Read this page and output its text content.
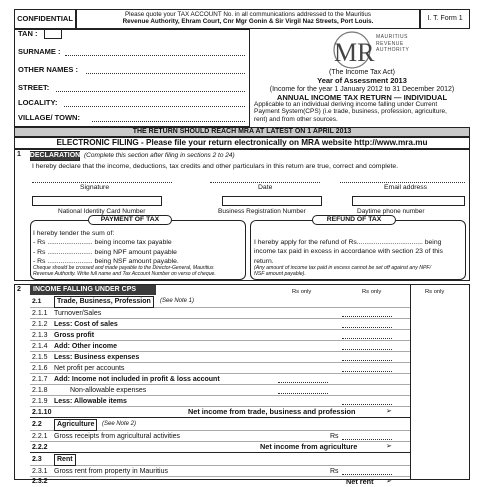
CONFIDENTIAL	Please quote your TAX ACCOUNT No. in all communications addressed to the Mauritius
Revenue Authority, Ehram Court, Cnr Mgr Gonin & Sir Virgil Naz Streets, Port Louis.	I. T. Form 1
TAN :
SURNAME :
OTHER NAMES :
STREET:
LOCALITY:
VILLAGE/ TOWN:
MR
MAURITIUS
REVENUE
AUTHORITY
(The Income Tax Act)
Year of Assessment 2013
(Income for the year 1 January 2012 to 31 December 2012)
ANNUAL INCOME TAX RETURN — INDIVIDUAL
Applicable to an individual deriving income falling under Current
Payment System(CPS) (i.e trade, business, profession, agriculture,
rent) and from other sources.
THE RETURN SHOULD REACH MRA AT LATEST ON 1 APRIL 2013
ELECTRONIC FILING - Please file your return electronically on MRA website http://www.mra.mu
1 DECLARATION (Complete this section after filing in sections 2 to 24)
I hereby declare that the income, deductions, tax credits and other particulars in this return are true, correct and complete.
Signature	Date	Email address
National Identity Card Number	Business Registration Number	Daytime phone number
PAYMENT OF TAX
I hereby tender the sum of:
- Rs ........................ being income tax payable
- Rs ........................ being NPF amount payable
- Rs ........................ being NSF amount payable.
Cheque should be crossed and made payable to the Director-General, Mauritius
Revenue Authority. Write full name and Tax Account Number on verso of cheque.
REFUND OF TAX
I hereby apply for the refund of Rs................................... being
income tax paid in excess in accordance with section 23 of this
return.
(Any amount of income tax paid in excess cannot be set off against any NPF/
NSF amount payable).
2 INCOME FALLING UNDER CPS	Rs only	Rs only	Rs only
2.1	Trade, Business, Profession	(See Note 1)
2.1.1 Turnover/Sales
2.1.2 Less: Cost of sales
2.1.3 Gross profit
2.1.4 Add: Other income
2.1.5 Less: Business expenses
2.1.6 Net profit per accounts
2.1.7 Add: Income not included in profit & loss account
2.1.8	Non-allowable expenses
2.1.9 Less: Allowable items
2.1.10	Net income from trade, business and profession	➢
2.2	Agriculture	(See Note 2)
2.2.1 Gross receipts from agricultural activities	Rs
2.2.2	Net income from agriculture	➢
2.3	Rent
2.3.1 Gross rent from property in Mauritius	Rs
2.3.2	Net rent ➢
